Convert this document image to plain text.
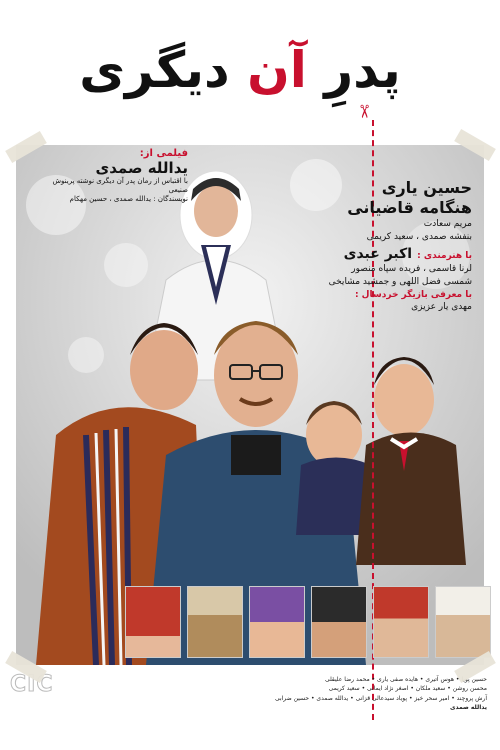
پدرِ آن دیگری
✂
فیلمی از:
یدالله صمدی
با اقتباس از رمان پدر آن دیگری نوشته پرینوش صنیعی
نویسندگان : یدالله صمدی ، حسین مهکام
حسین یاری
هنگامه قاضیانی
مریم سعادت
بنفشه صمدی ، سعید کریمی
با هنرمندی : اکبر عبدی
لرنا قاسمی ، فریده سپاه منصور
شمسی فضل اللهی و جمشید مشایخی
با معرفی بازیگر خردسال :
مهدی یار عزیزی
حسین پویا • هوس آتیری • هایده صفی یاری • محمد رضا علیقلی
محسن روشن • سعید ملکان • اصغر نژاد ایمانی • سعید کریمی
آرش پروچند • امیر سحر خیز • پویاد سیدعالی قزانی • یدالله صمدی • حسین ضرابی
یدالله صمدی
CIC
